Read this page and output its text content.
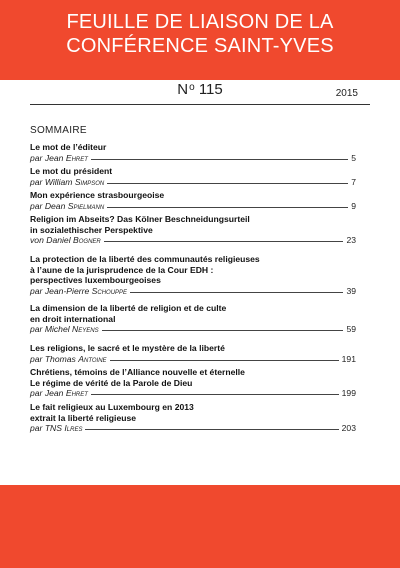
FEUILLE DE LIAISON DE LA
CONFÉRENCE SAINT-YVES
$N^o$ 115	2015
SOMMAIRE
Le mot de l’éditeur
par Jean Ehret	5
Le mot du président
par William Simpson	7
Mon expérience strasbourgeoise
par Dean Spielmann	9
Religion im Abseits? Das Kölner Beschneidungsurteil
in sozialethischer Perspektive
von Daniel Bogner	23
La protection de la liberté des communautés religieuses
à l’aune de la jurisprudence de la Cour EDH :
perspectives luxembourgeoises
par Jean-Pierre Schouppe	39
La dimension de la liberté de religion et de culte
en droit international
par Michel Neyens	59
Les religions, le sacré et le mystère de la liberté
par Thomas Antoine	191
Chrétiens, témoins de l’Alliance nouvelle et éternelle
Le régime de vérité de la Parole de Dieu
par Jean Ehret	199
Le fait religieux au Luxembourg en 2013
extrait la liberté religieuse
par TNS Ilres	203
